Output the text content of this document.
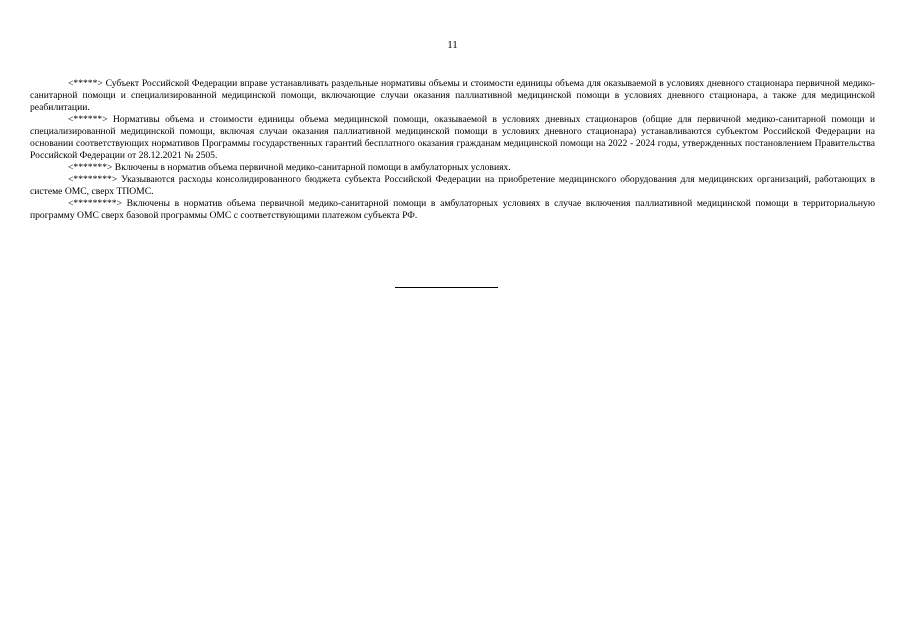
11

<*****> Субъект Российской Федерации вправе устанавливать раздельные нормативы объемы и стоимости единицы объема для оказываемой в условиях дневного стационара первичной медико-санитарной помощи и специализированной медицинской помощи, включающие случаи оказания паллиативной медицинской помощи в условиях дневного стационара, а также для медицинской реабилитации.

<******> Нормативы объема и стоимости единицы объема медицинской помощи, оказываемой в условиях дневных стационаров (общие для первичной медико-санитарной помощи и специализированной медицинской помощи, включая случаи оказания паллиативной медицинской помощи в условиях дневного стационара) устанавливаются субъектом Российской Федерации на основании соответствующих нормативов Программы государственных гарантий бесплатного оказания гражданам медицинской помощи на 2022 - 2024 годы, утвержденных постановлением Правительства Российской Федерации от 28.12.2021 № 2505.

<*******> Включены в норматив объема первичной медико-санитарной помощи в амбулаторных условиях.

<********> Указываются расходы консолидированного бюджета субъекта Российской Федерации на приобретение медицинского оборудования для медицинских организаций, работающих в системе ОМС, сверх ТПОМС.

<*********> Включены в норматив объема первичной медико-санитарной помощи в амбулаторных условиях в случае включения паллиативной медицинской помощи в территориальную программу ОМС сверх базовой программы ОМС с соответствующими платежом субъекта РФ.
